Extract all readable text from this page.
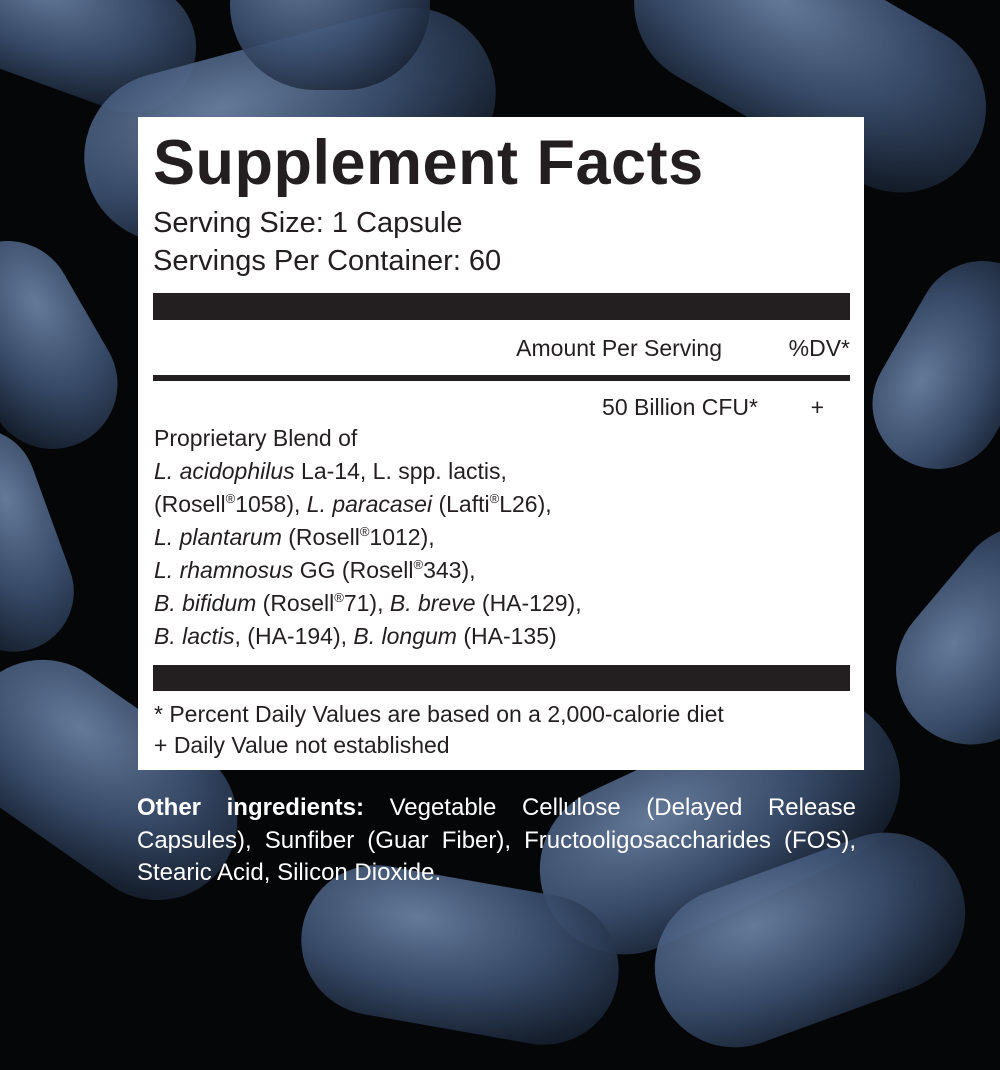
Supplement Facts
Serving Size: 1 Capsule
Servings Per Container: 60
Amount Per Serving	%DV*
50 Billion CFU* +
Proprietary Blend of
L. acidophilus La-14, L. spp. lactis,
(Rosell®1058), L. paracasei (Lafti®L26),
L. plantarum (Rosell®1012),
L. rhamnosus GG (Rosell®343),
B. bifidum (Rosell®71), B. breve (HA-129),
B. lactis, (HA-194), B. longum (HA-135)
* Percent Daily Values are based on a 2,000-calorie diet
+ Daily Value not established
Other ingredients: Vegetable Cellulose (Delayed Release Capsules), Sunfiber (Guar Fiber), Fructooligosaccharides (FOS), Stearic Acid, Silicon Dioxide.
